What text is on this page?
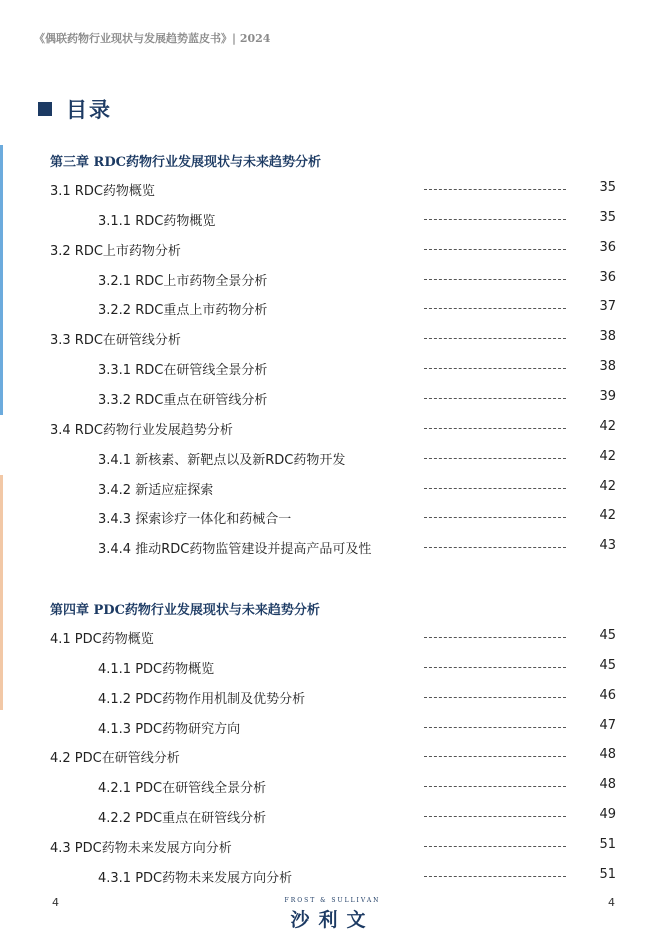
《偶联药物行业现状与发展趋势蓝皮书》| 2024
目录
第三章 RDC药物行业发展现状与未来趋势分析
3.1 RDC药物概览	35
3.1.1 RDC药物概览	35
3.2 RDC上市药物分析	36
3.2.1 RDC上市药物全景分析	36
3.2.2 RDC重点上市药物分析	37
3.3 RDC在研管线分析	38
3.3.1 RDC在研管线全景分析	38
3.3.2 RDC重点在研管线分析	39
3.4 RDC药物行业发展趋势分析	42
3.4.1 新核素、新靶点以及新RDC药物开发	42
3.4.2 新适应症探索	42
3.4.3 探索诊疗一体化和药械合一	42
3.4.4 推动RDC药物监管建设并提高产品可及性	43
第四章 PDC药物行业发展现状与未来趋势分析
4.1 PDC药物概览	45
4.1.1 PDC药物概览	45
4.1.2 PDC药物作用机制及优势分析	46
4.1.3 PDC药物研究方向	47
4.2 PDC在研管线分析	48
4.2.1 PDC在研管线全景分析	48
4.2.2 PDC重点在研管线分析	49
4.3 PDC药物未来发展方向分析	51
4.3.1 PDC药物未来发展方向分析	51
4	4
FROST & SULLIVAN
沙利文
